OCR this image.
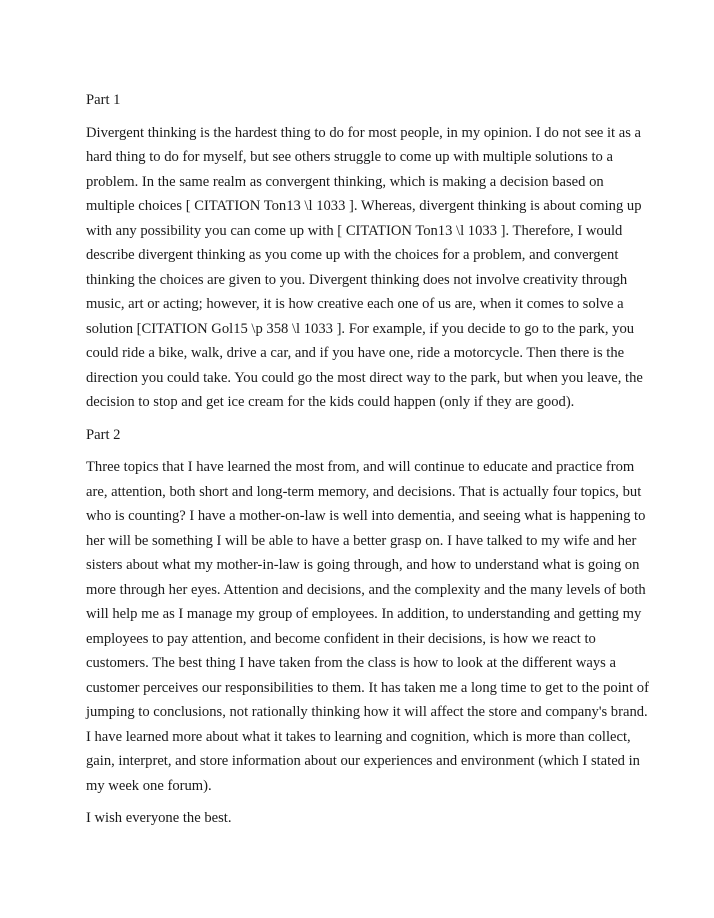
Part 1

Divergent thinking is the hardest thing to do for most people, in my opinion. I do not see it as a
hard thing to do for myself, but see others struggle to come up with multiple solutions to a
problem. In the same realm as convergent thinking, which is making a decision based on
multiple choices [ CITATION Ton13 \l 1033 ]. Whereas, divergent thinking is about coming up
with any possibility you can come up with [ CITATION Ton13 \l 1033 ]. Therefore, I would
describe divergent thinking as you come up with the choices for a problem, and convergent
thinking the choices are given to you. Divergent thinking does not involve creativity through
music, art or acting; however, it is how creative each one of us are, when it comes to solve a
solution [CITATION Gol15 \p 358 \l 1033 ]. For example, if you decide to go to the park, you
could ride a bike, walk, drive a car, and if you have one, ride a motorcycle. Then there is the
direction you could take. You could go the most direct way to the park, but when you leave, the
decision to stop and get ice cream for the kids could happen (only if they are good).

Part 2

Three topics that I have learned the most from, and will continue to educate and practice from
are, attention, both short and long-term memory, and decisions. That is actually four topics, but
who is counting? I have a mother-on-law is well into dementia, and seeing what is happening to
her will be something I will be able to have a better grasp on. I have talked to my wife and her
sisters about what my mother-in-law is going through, and how to understand what is going on
more through her eyes. Attention and decisions, and the complexity and the many levels of both
will help me as I manage my group of employees. In addition, to understanding and getting my
employees to pay attention, and become confident in their decisions, is how we react to
customers. The best thing I have taken from the class is how to look at the different ways a
customer perceives our responsibilities to them. It has taken me a long time to get to the point of
jumping to conclusions, not rationally thinking how it will affect the store and company's brand.
I have learned more about what it takes to learning and cognition, which is more than collect,
gain, interpret, and store information about our experiences and environment (which I stated in
my week one forum).

I wish everyone the best.
